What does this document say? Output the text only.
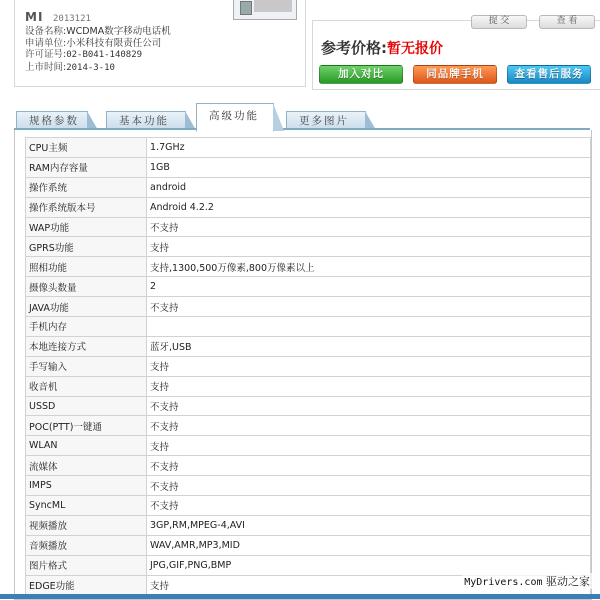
MI 2013121
设备名称:WCDMA数字移动电话机
申请单位:小米科技有限责任公司
许可证号:02-B041-140829
上市时间:2014-3-10
提 交	查 看
参考价格:暂无报价
加入对比	同品牌手机	查看售后服务
规格参数	基本功能	高级功能	更多图片
CPU主频	1.7GHz
RAM内存容量	1GB
操作系统	android
操作系统版本号	Android 4.2.2
WAP功能	不支持
GPRS功能	支持
照相功能	支持,1300,500万像素,800万像素以上
摄像头数量	2
JAVA功能	不支持
手机内存	
本地连接方式	蓝牙,USB
手写输入	支持
收音机	支持
USSD	不支持
POC(PTT)一键通	不支持
WLAN	支持
流媒体	不支持
IMPS	不支持
SyncML	不支持
视频播放	3GP,RM,MPEG-4,AVI
音频播放	WAV,AMR,MP3,MID
图片格式	JPG,GIF,PNG,BMP
EDGE功能	支持
		MyDrivers.com 驱动之家
